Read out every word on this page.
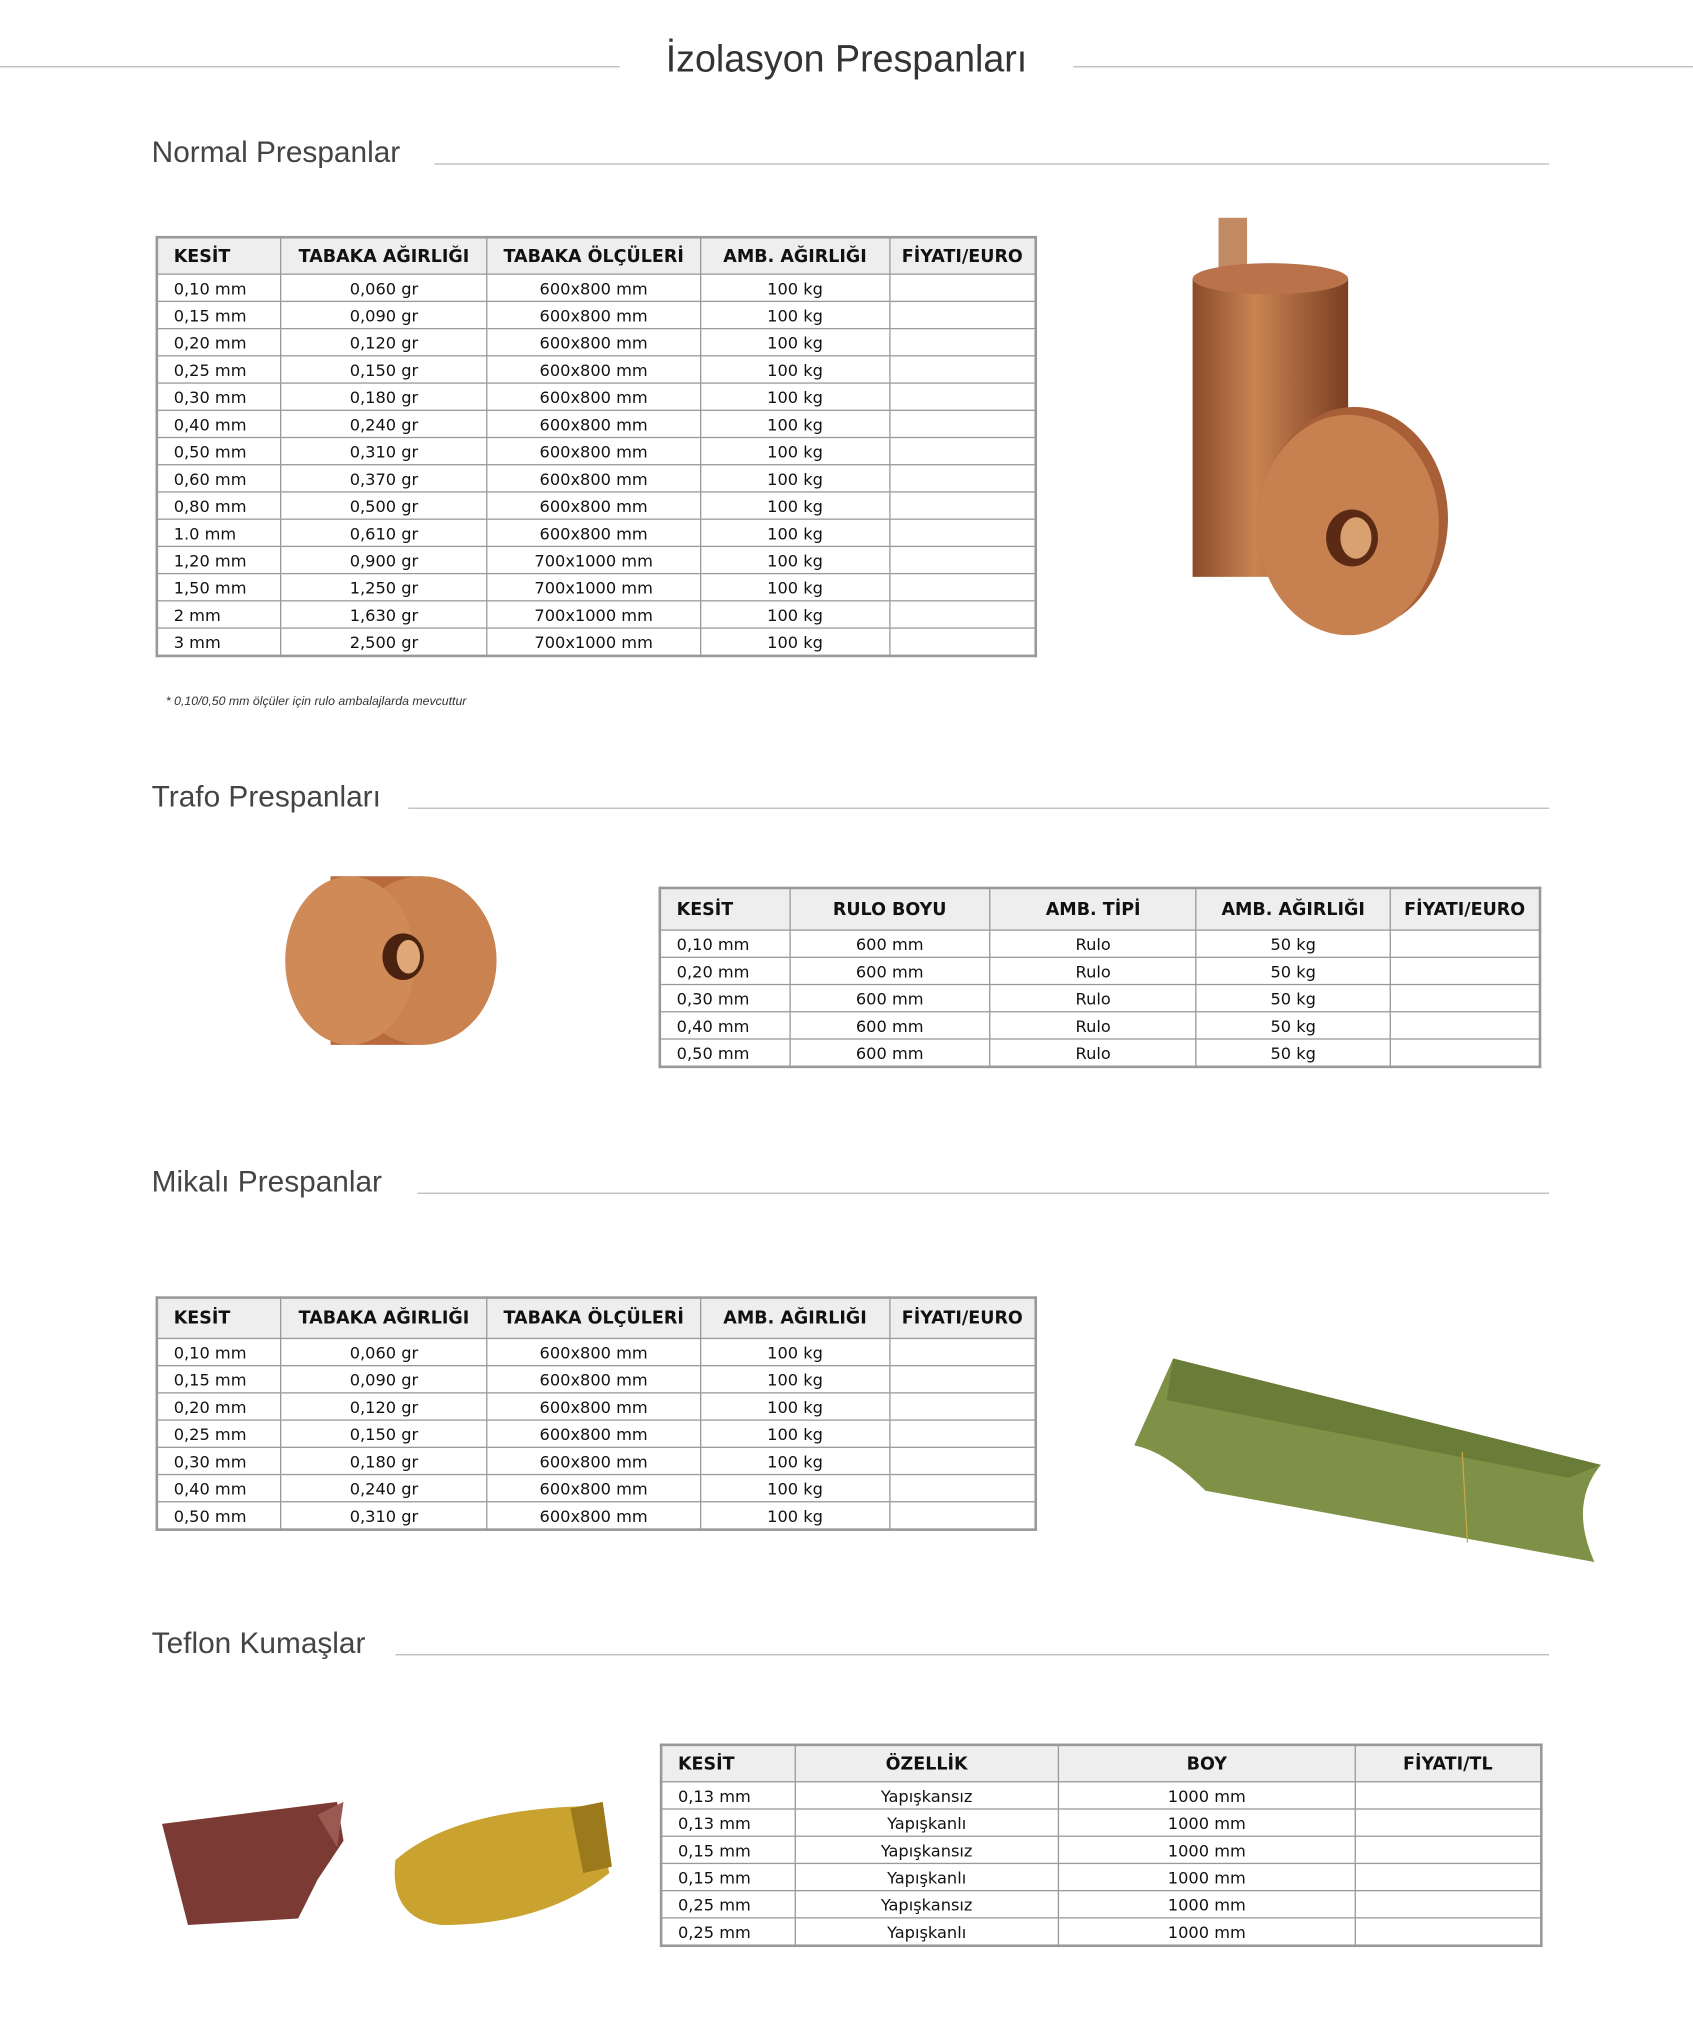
İzolasyon Prespanları
Normal Prespanlar
KESİT	TABAKA AĞIRLIĞI	TABAKA ÖLÇÜLERİ	AMB. AĞIRLIĞI	FİYATI/EURO
0,10 mm	0,060 gr	600x800 mm	100 kg	
0,15 mm	0,090 gr	600x800 mm	100 kg	
0,20 mm	0,120 gr	600x800 mm	100 kg	
0,25 mm	0,150 gr	600x800 mm	100 kg	
0,30 mm	0,180 gr	600x800 mm	100 kg	
0,40 mm	0,240 gr	600x800 mm	100 kg	
0,50 mm	0,310 gr	600x800 mm	100 kg	
0,60 mm	0,370 gr	600x800 mm	100 kg	
0,80 mm	0,500 gr	600x800 mm	100 kg	
1.0 mm	0,610 gr	600x800 mm	100 kg	
1,20 mm	0,900 gr	700x1000 mm	100 kg	
1,50 mm	1,250 gr	700x1000 mm	100 kg	
2 mm	1,630 gr	700x1000 mm	100 kg	
3 mm	2,500 gr	700x1000 mm	100 kg	
* 0,10/0,50 mm ölçüler için rulo ambalajlarda mevcuttur
Trafo Prespanları
KESİT	RULO BOYU	AMB. TİPİ	AMB. AĞIRLIĞI	FİYATI/EURO
0,10 mm	600 mm	Rulo	50 kg	
0,20 mm	600 mm	Rulo	50 kg	
0,30 mm	600 mm	Rulo	50 kg	
0,40 mm	600 mm	Rulo	50 kg	
0,50 mm	600 mm	Rulo	50 kg	
Mikalı Prespanlar
KESİT	TABAKA AĞIRLIĞI	TABAKA ÖLÇÜLERİ	AMB. AĞIRLIĞI	FİYATI/EURO
0,10 mm	0,060 gr	600x800 mm	100 kg	
0,15 mm	0,090 gr	600x800 mm	100 kg	
0,20 mm	0,120 gr	600x800 mm	100 kg	
0,25 mm	0,150 gr	600x800 mm	100 kg	
0,30 mm	0,180 gr	600x800 mm	100 kg	
0,40 mm	0,240 gr	600x800 mm	100 kg	
0,50 mm	0,310 gr	600x800 mm	100 kg	
Teflon Kumaşlar
KESİT	ÖZELLİK	BOY	FİYATI/TL
0,13 mm	Yapışkansız	1000 mm	
0,13 mm	Yapışkanlı	1000 mm	
0,15 mm	Yapışkansız	1000 mm	
0,15 mm	Yapışkanlı	1000 mm	
0,25 mm	Yapışkansız	1000 mm	
0,25 mm	Yapışkanlı	1000 mm	
